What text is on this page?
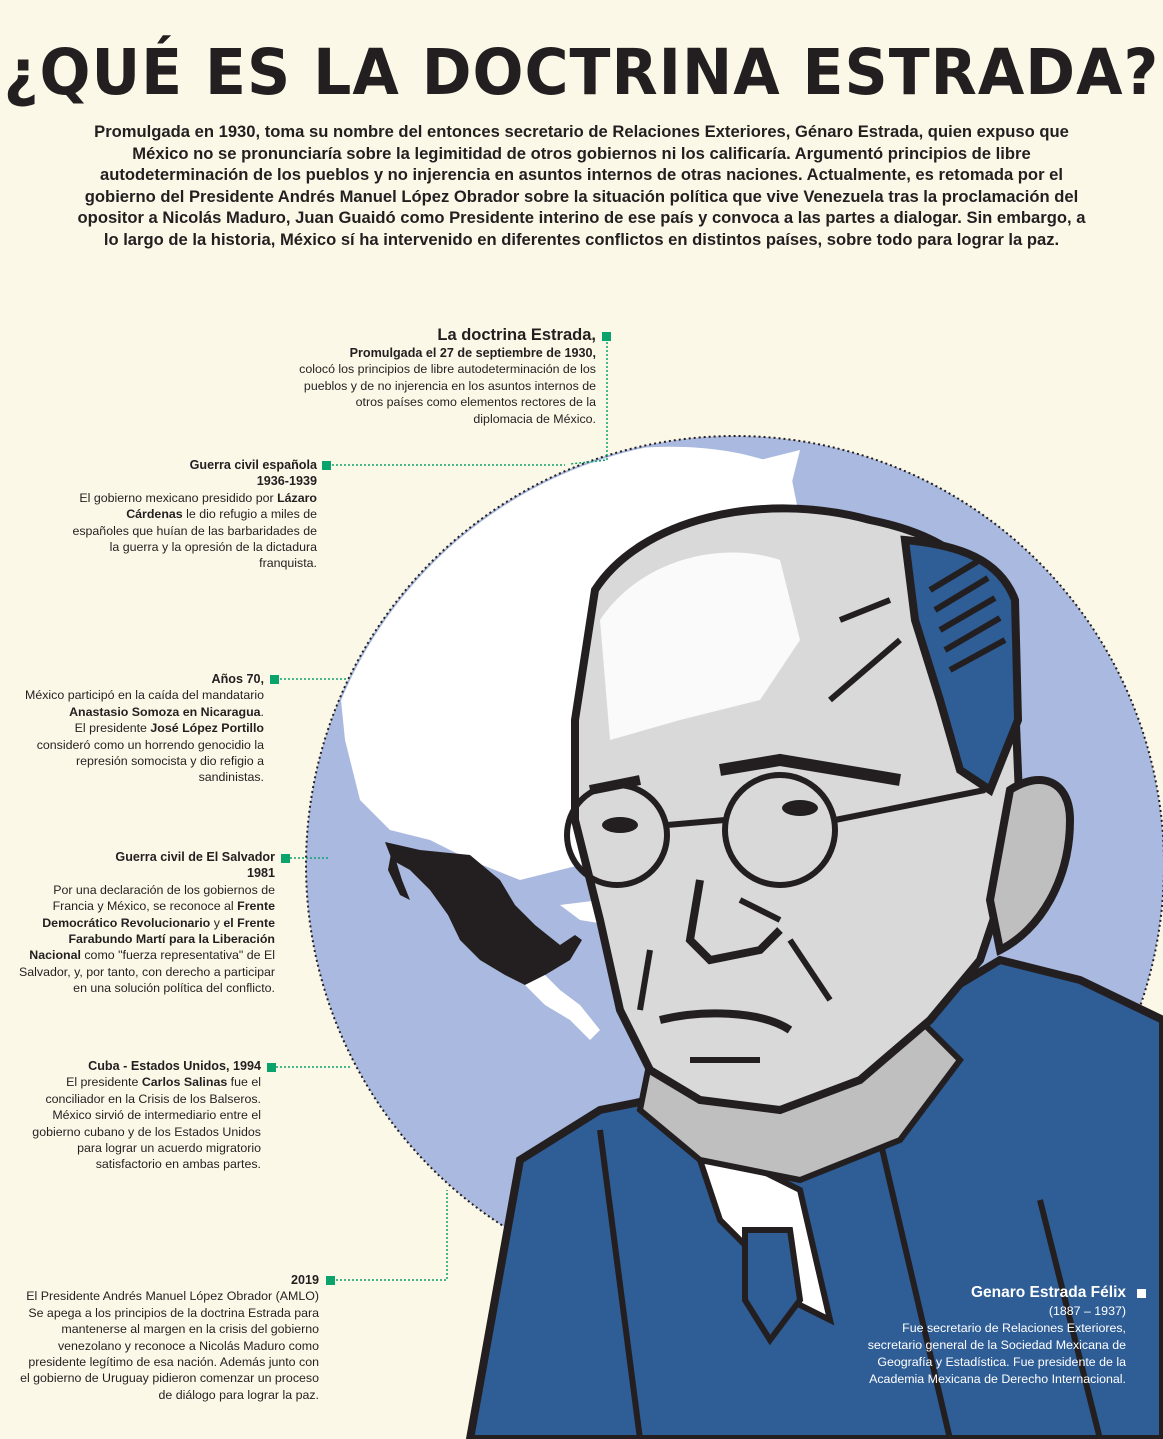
¿QUÉ ES LA DOCTRINA ESTRADA?

Promulgada en 1930, toma su nombre del entonces secretario de Relaciones Exteriores, Génaro Estrada, quien expuso que México no se pronunciaría sobre la legimitidad de otros gobiernos ni los calificaría. Argumentó principios de libre autodeterminación de los pueblos y no injerencia en asuntos internos de otras naciones. Actualmente, es retomada por el gobierno del Presidente Andrés Manuel López Obrador sobre la situación política que vive Venezuela tras la proclamación del opositor a Nicolás Maduro, Juan Guaidó como Presidente interino de ese país y convoca a las partes a dialogar. Sin embargo, a lo largo de la historia, México sí ha intervenido en diferentes conflictos en distintos países, sobre todo para lograr la paz.

La doctrina Estrada,
Promulgada el 27 de septiembre de 1930,
colocó los principios de libre autodeterminación de los pueblos y de no injerencia en los asuntos internos de otros países como elementos rectores de la diplomacia de México.
Guerra civil española
1936-1939
El gobierno mexicano presidido por Lázaro Cárdenas le dio refugio a miles de españoles que huían de las barbaridades de la guerra y la opresión de la dictadura franquista.
Años 70,
México participó en la caída del mandatario Anastasio Somoza en Nicaragua.
El presidente José López Portillo consideró como un horrendo genocidio la represión somocista y dio refigio a sandinistas.
Guerra civil de El Salvador
1981
Por una declaración de los gobiernos de Francia y México, se reconoce al Frente Democrático Revolucionario y el Frente Farabundo Martí para la Liberación Nacional como "fuerza representativa" de El Salvador, y, por tanto, con derecho a participar en una solución política del conflicto.
Cuba - Estados Unidos, 1994
El presidente Carlos Salinas fue el conciliador en la Crisis de los Balseros.
México sirvió de intermediario entre el gobierno cubano y de los Estados Unidos para lograr un acuerdo migratorio satisfactorio en ambas partes.
2019
El Presidente Andrés Manuel López Obrador (AMLO) Se apega a los principios de la doctrina Estrada para mantenerse al margen en la crisis del gobierno venezolano y reconoce a Nicolás Maduro como presidente legítimo de esa nación. Además junto con el gobierno de Uruguay pidieron comenzar un proceso de diálogo para lograr la paz.
Genaro Estrada Félix
(1887 – 1937)
Fue secretario de Relaciones Exteriores, secretario general de la Sociedad Mexicana de Geografía y Estadística. Fue presidente de la Academia Mexicana de Derecho Internacional.
